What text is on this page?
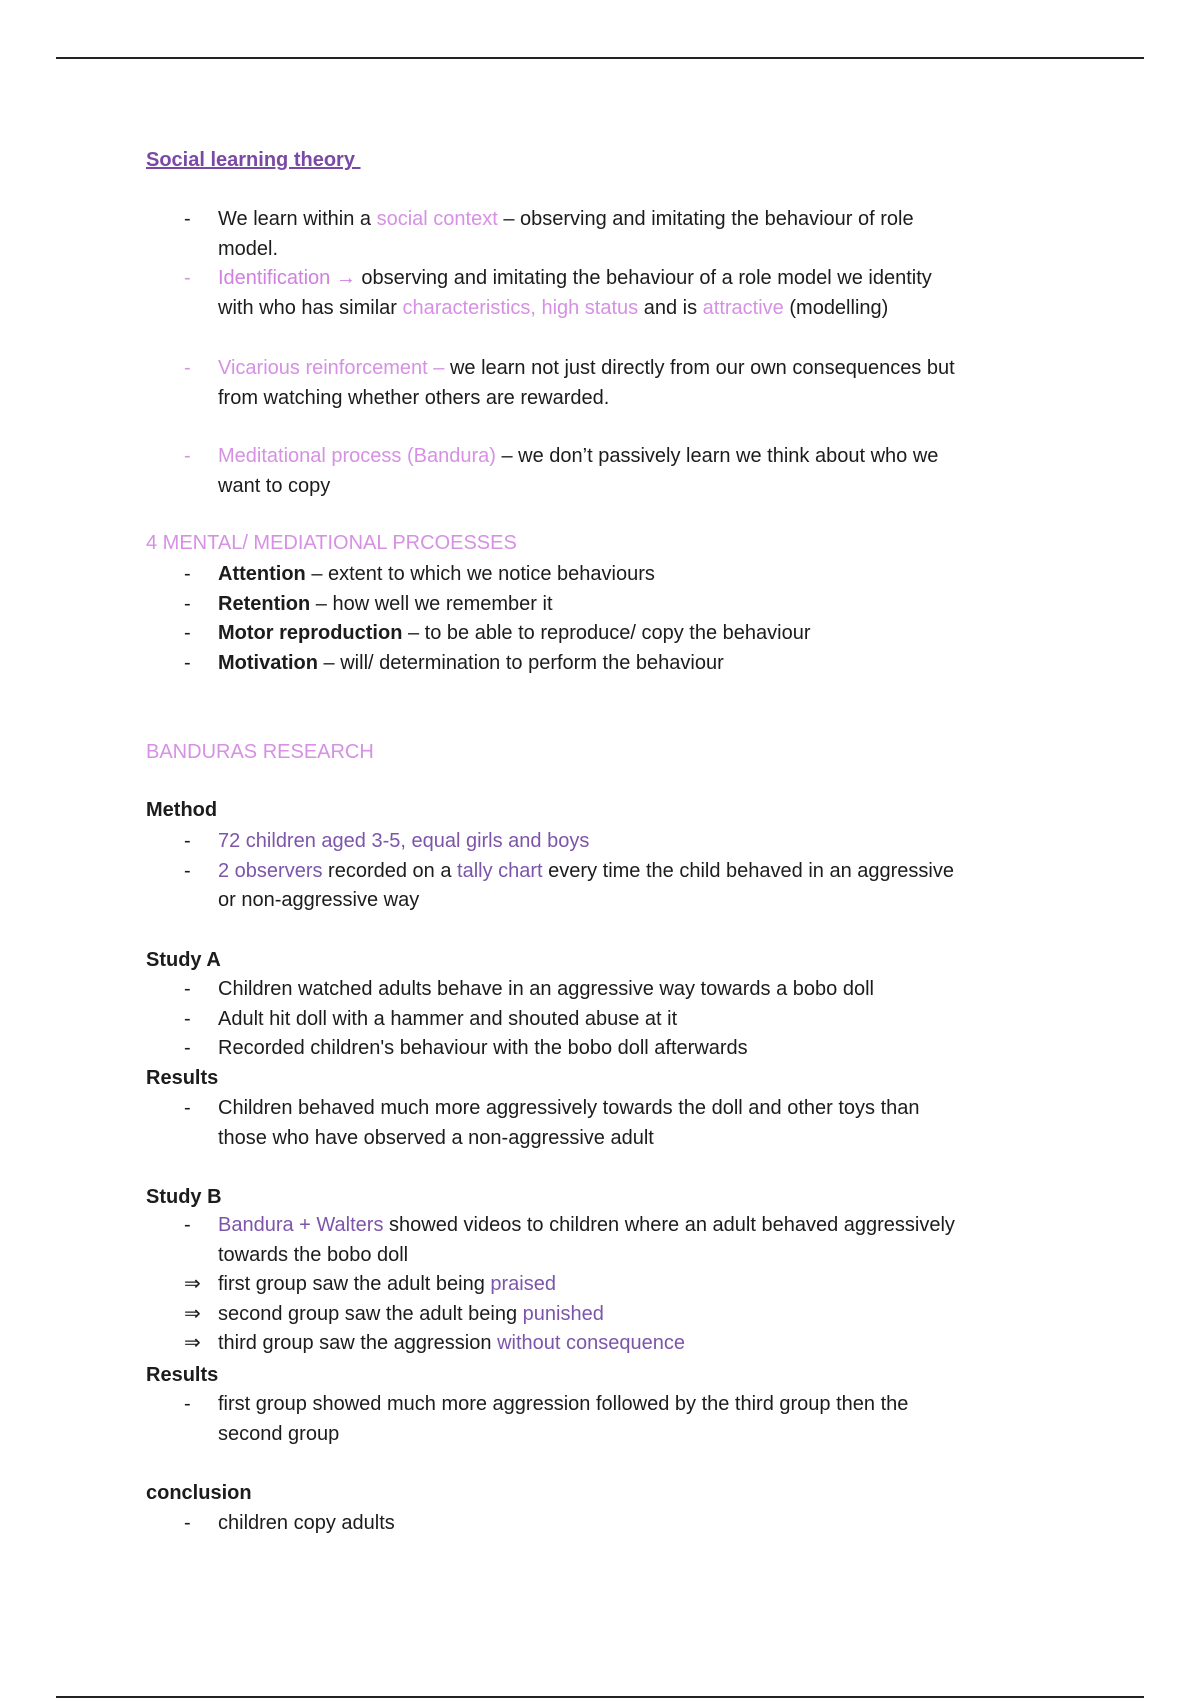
Social learning theory
- We learn within a social context – observing and imitating the behaviour of role
model.
- Identification → observing and imitating the behaviour of a role model we identity
with who has similar characteristics, high status and is attractive (modelling)
- Vicarious reinforcement – we learn not just directly from our own consequences but
from watching whether others are rewarded.
- Meditational process (Bandura) – we don’t passively learn we think about who we
want to copy
4 MENTAL/ MEDIATIONAL PRCOESSES
- Attention – extent to which we notice behaviours
- Retention – how well we remember it
- Motor reproduction – to be able to reproduce/ copy the behaviour
- Motivation – will/ determination to perform the behaviour
BANDURAS RESEARCH
Method
- 72 children aged 3-5, equal girls and boys
- 2 observers recorded on a tally chart every time the child behaved in an aggressive
or non-aggressive way
Study A
- Children watched adults behave in an aggressive way towards a bobo doll
- Adult hit doll with a hammer and shouted abuse at it
- Recorded children's behaviour with the bobo doll afterwards
Results
- Children behaved much more aggressively towards the doll and other toys than
those who have observed a non-aggressive adult
Study B
- Bandura + Walters showed videos to children where an adult behaved aggressively
towards the bobo doll
⇒ first group saw the adult being praised
⇒ second group saw the adult being punished
⇒ third group saw the aggression without consequence
Results
- first group showed much more aggression followed by the third group then the
second group
conclusion
- children copy adults
